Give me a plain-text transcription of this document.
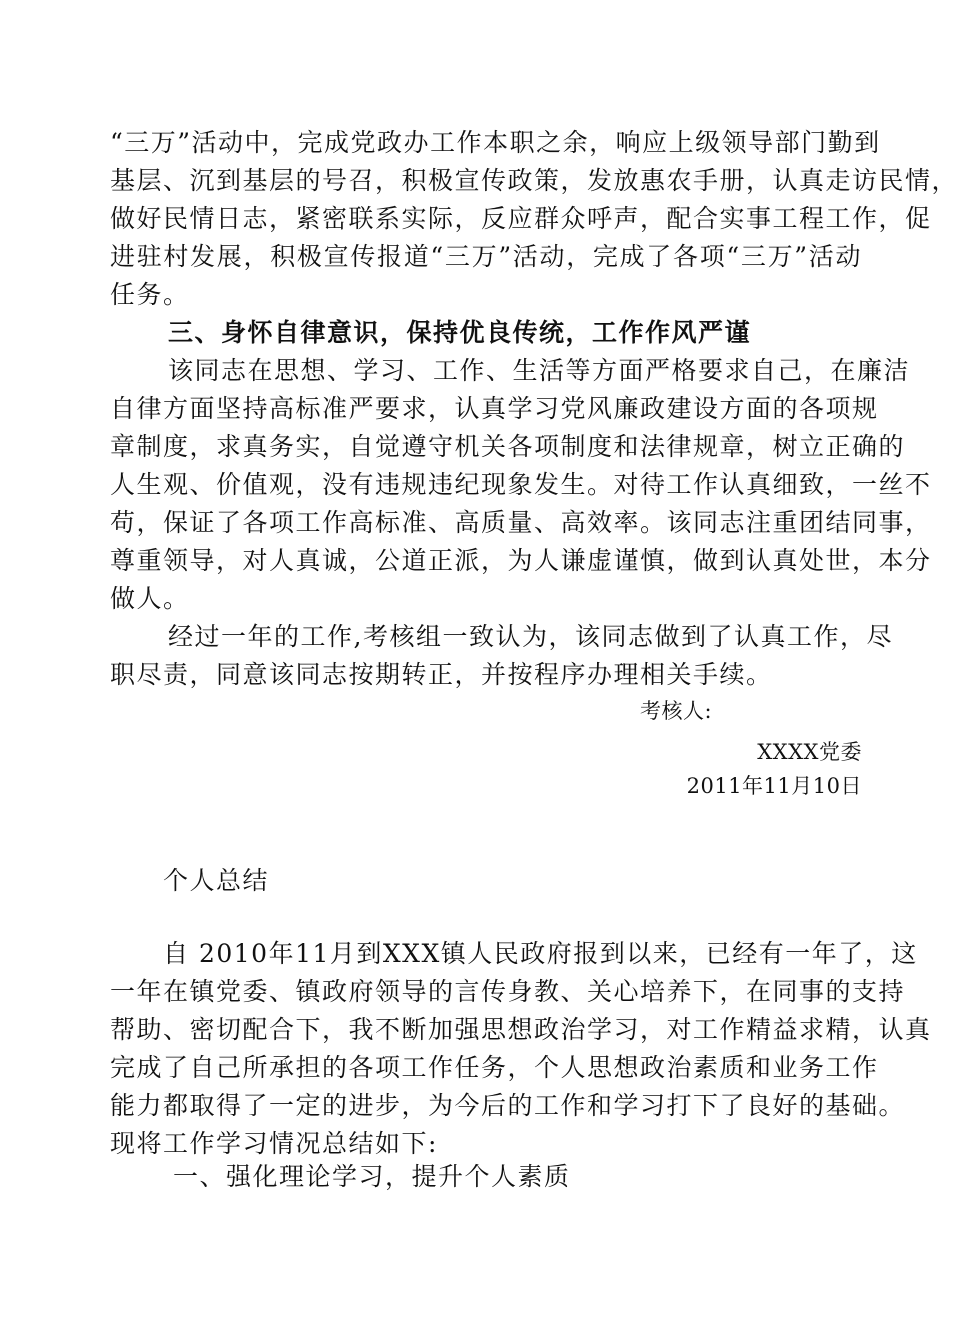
“三万”活动中，完成党政办工作本职之余，响应上级领导部门勤到
基层、沉到基层的号召，积极宣传政策，发放惠农手册，认真走访民情，
做好民情日志，紧密联系实际，反应群众呼声，配合实事工程工作，促
进驻村发展，积极宣传报道“三万”活动，完成了各项“三万”活动
任务。
三、身怀自律意识，保持优良传统，工作作风严谨
该同志在思想、学习、工作、生活等方面严格要求自己，在廉洁
自律方面坚持高标准严要求，认真学习党风廉政建设方面的各项规
章制度，求真务实，自觉遵守机关各项制度和法律规章，树立正确的
人生观、价值观，没有违规违纪现象发生。对待工作认真细致，一丝不
苟，保证了各项工作高标准、高质量、高效率。该同志注重团结同事，
尊重领导，对人真诚，公道正派，为人谦虚谨慎，做到认真处世，本分
做人。
经过一年的工作,考核组一致认为，该同志做到了认真工作，尽
职尽责，同意该同志按期转正，并按程序办理相关手续。
考核人:
XXXX党委
2011年11月10日
个人总结
自 2010年11月到XXX镇人民政府报到以来，已经有一年了，这
一年在镇党委、镇政府领导的言传身教、关心培养下，在同事的支持
帮助、密切配合下，我不断加强思想政治学习，对工作精益求精，认真
完成了自己所承担的各项工作任务，个人思想政治素质和业务工作
能力都取得了一定的进步，为今后的工作和学习打下了良好的基础。
现将工作学习情况总结如下:
一、强化理论学习，提升个人素质
